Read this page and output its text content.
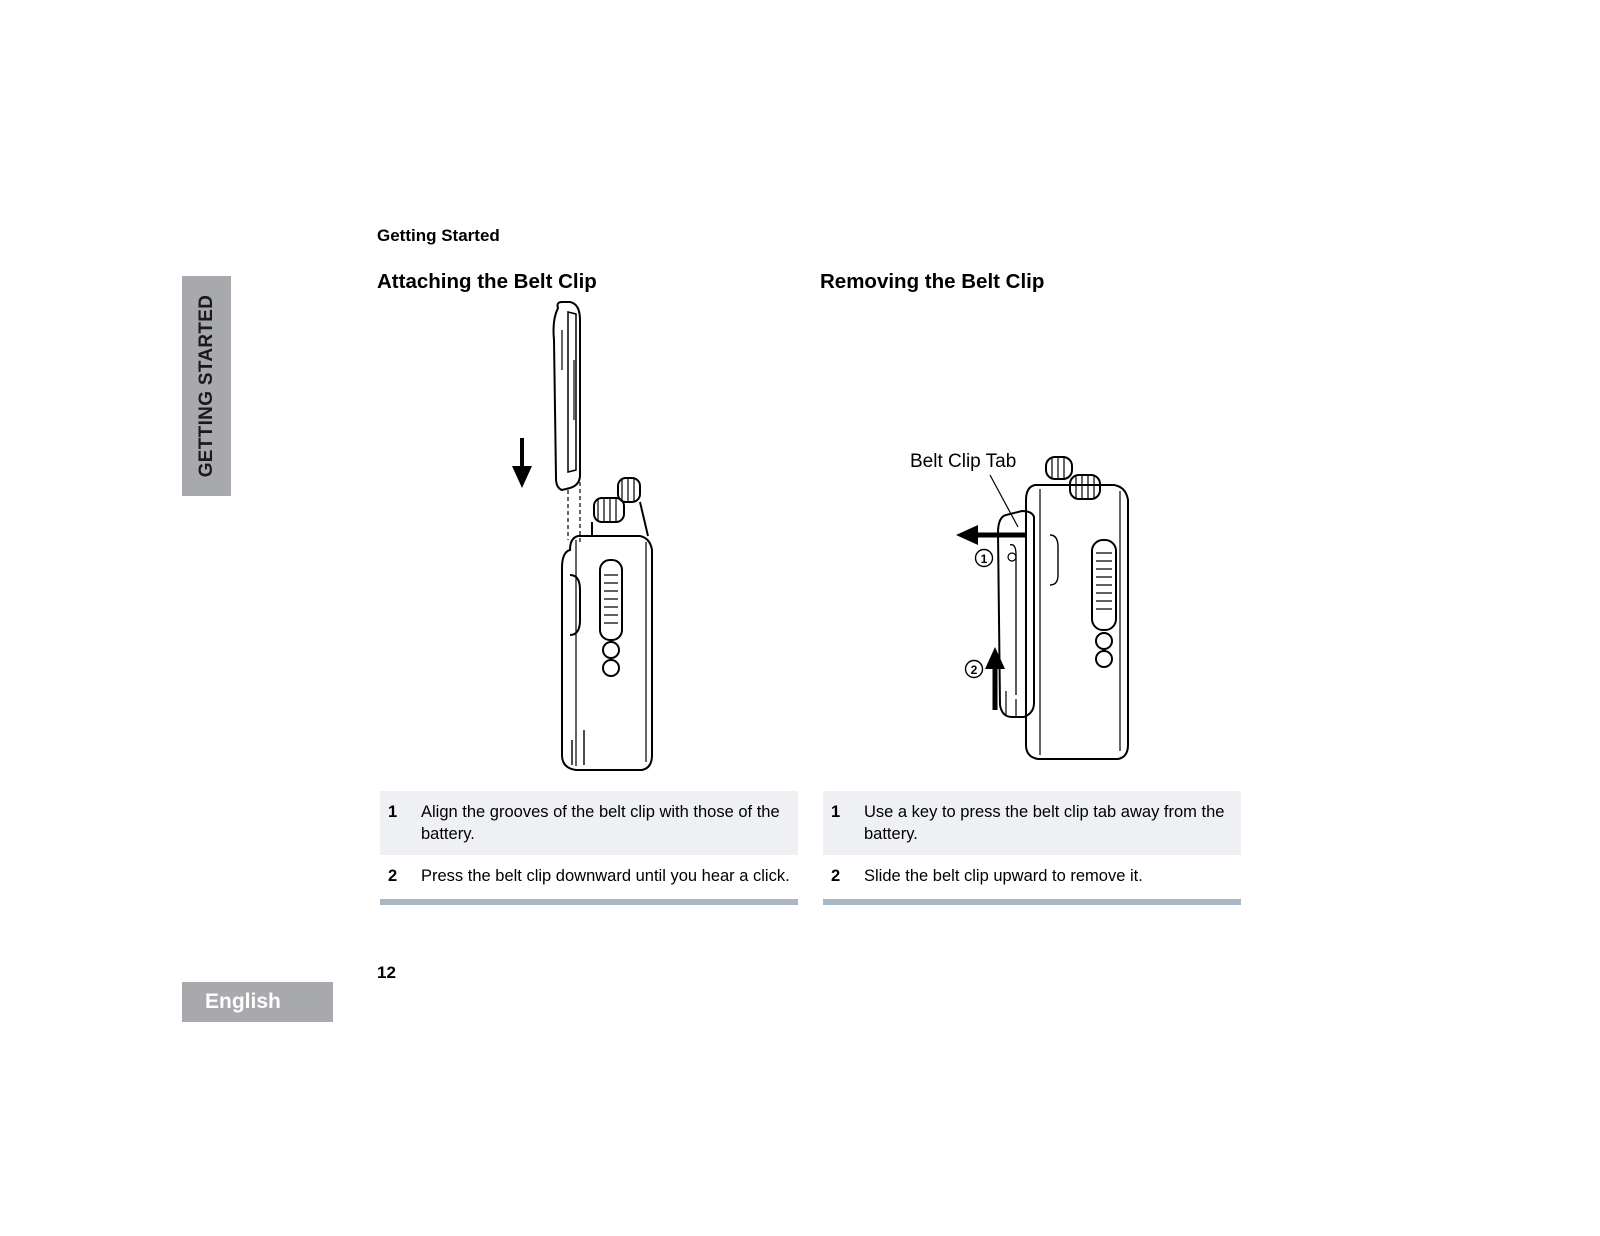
GETTING STARTED
English
Getting Started
Attaching the Belt Clip	Removing the Belt Clip
1
2
Belt Clip Tab
1	Align the grooves of the belt clip with those of the battery.
2	Press the belt clip downward until you hear a click.
1	Use a key to press the belt clip tab away from the battery.
2	Slide the belt clip upward to remove it.
12
